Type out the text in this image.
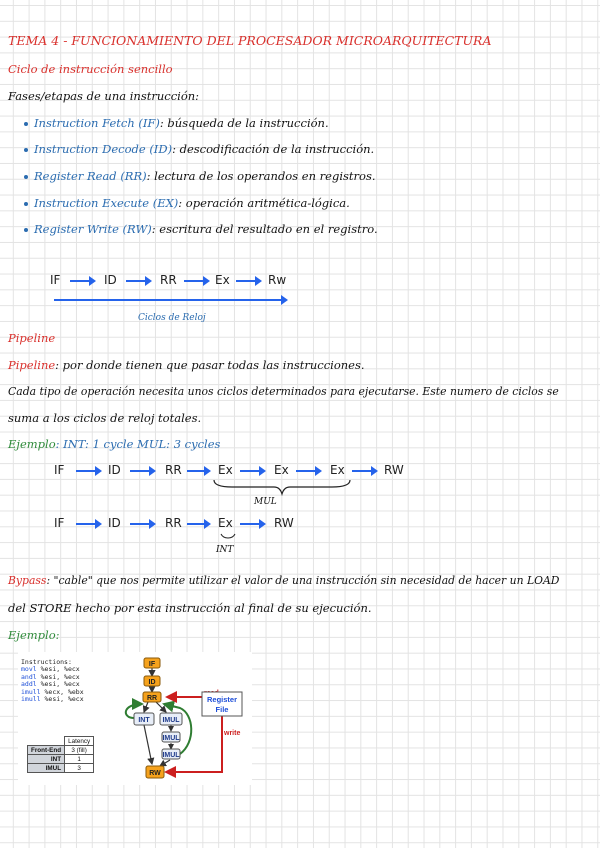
TEMA 4 - FUNCIONAMIENTO DEL PROCESADOR MICROARQUITECTURA
Ciclo de instrucción sencillo
Fases/etapas de una instrucción:
Instruction Fetch (IF): búsqueda de la instrucción.
Instruction Decode (ID): descodificación de la instrucción.
Register Read (RR): lectura de los operandos en registros.
Instruction Execute (EX): operación aritmética-lógica.
Register Write (RW): escritura del resultado en el registro.
IF	ID	RR	Ex	Rw
Ciclos de Reloj
Pipeline
Pipeline: por donde tienen que pasar todas las instrucciones.
Cada tipo de operación necesita unos ciclos determinados para ejecutarse. Este numero de ciclos se
suma a los ciclos de reloj totales.
Ejemplo: INT: 1 cycle MUL: 3 cycles
IF	ID	RR	Ex	Ex	Ex	RW
MUL
IF	ID	RR	Ex	RW
INT
Bypass: "cable" que nos permite utilizar el valor de una instrucción sin necesidad de hacer un LOAD
del STORE hecho por esta instrucción al final de su ejecución.
Ejemplo:
Instructions:
movl %esi, %ecx
andl %esi, %ecx
addl %esi, %ecx
imull %ecx, %ebx
imull %esi, %ecx
	Latency
Front-End	3 (fill)
INT	1
IMUL	3
write
Register
File
IF
ID
RR
INT IMUL
IMUL
IMUL
RW
